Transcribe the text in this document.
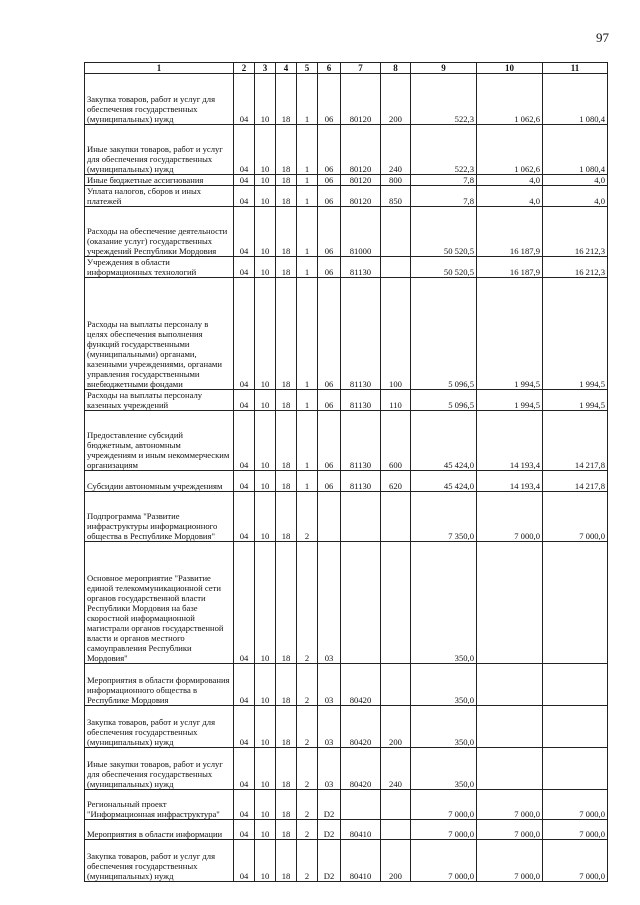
97
1	2	3	4	5	6	7	8	9	10	11
Закупка товаров, работ и услуг для обеспечения государственных (муниципальных) нужд	04	10	18	1	06	80120	200	522,3	1 062,6	1 080,4
Иные закупки товаров, работ и услуг для обеспечения государственных (муниципальных) нужд	04	10	18	1	06	80120	240	522,3	1 062,6	1 080,4
Иные бюджетные ассигнования	04	10	18	1	06	80120	800	7,8	4,0	4,0
Уплата налогов, сборов и иных платежей	04	10	18	1	06	80120	850	7,8	4,0	4,0
Расходы на обеспечение деятельности (оказание услуг) государственных учреждений Республики Мордовия	04	10	18	1	06	81000		50 520,5	16 187,9	16 212,3
Учреждения в области информационных технологий	04	10	18	1	06	81130		50 520,5	16 187,9	16 212,3
Расходы на выплаты персоналу в целях обеспечения выполнения функций государственными (муниципальными) органами, казенными учреждениями, органами управления государственными внебюджетными фондами	04	10	18	1	06	81130	100	5 096,5	1 994,5	1 994,5
Расходы на выплаты персоналу казенных учреждений	04	10	18	1	06	81130	110	5 096,5	1 994,5	1 994,5
Предоставление субсидий бюджетным, автономным учреждениям и иным некоммерческим организациям	04	10	18	1	06	81130	600	45 424,0	14 193,4	14 217,8
Субсидии автономным учреждениям	04	10	18	1	06	81130	620	45 424,0	14 193,4	14 217,8
Подпрограмма "Развитие инфраструктуры информационного общества в Республике Мордовия"	04	10	18	2				7 350,0	7 000,0	7 000,0
Основное мероприятие "Развитие единой телекоммуникационной сети органов государственной власти Республики Мордовия на базе скоростной информационной магистрали органов государственной власти и органов местного самоуправления Республики Мордовия"	04	10	18	2	03			350,0		
Мероприятия в области формирования информационного общества в Республике Мордовия	04	10	18	2	03	80420		350,0		
Закупка товаров, работ и услуг для обеспечения государственных (муниципальных) нужд	04	10	18	2	03	80420	200	350,0		
Иные закупки товаров, работ и услуг для обеспечения государственных (муниципальных) нужд	04	10	18	2	03	80420	240	350,0		
Региональный проект "Информационная инфраструктура"	04	10	18	2	D2			7 000,0	7 000,0	7 000,0
Мероприятия в области информации	04	10	18	2	D2	80410		7 000,0	7 000,0	7 000,0
Закупка товаров, работ и услуг для обеспечения государственных (муниципальных) нужд	04	10	18	2	D2	80410	200	7 000,0	7 000,0	7 000,0
